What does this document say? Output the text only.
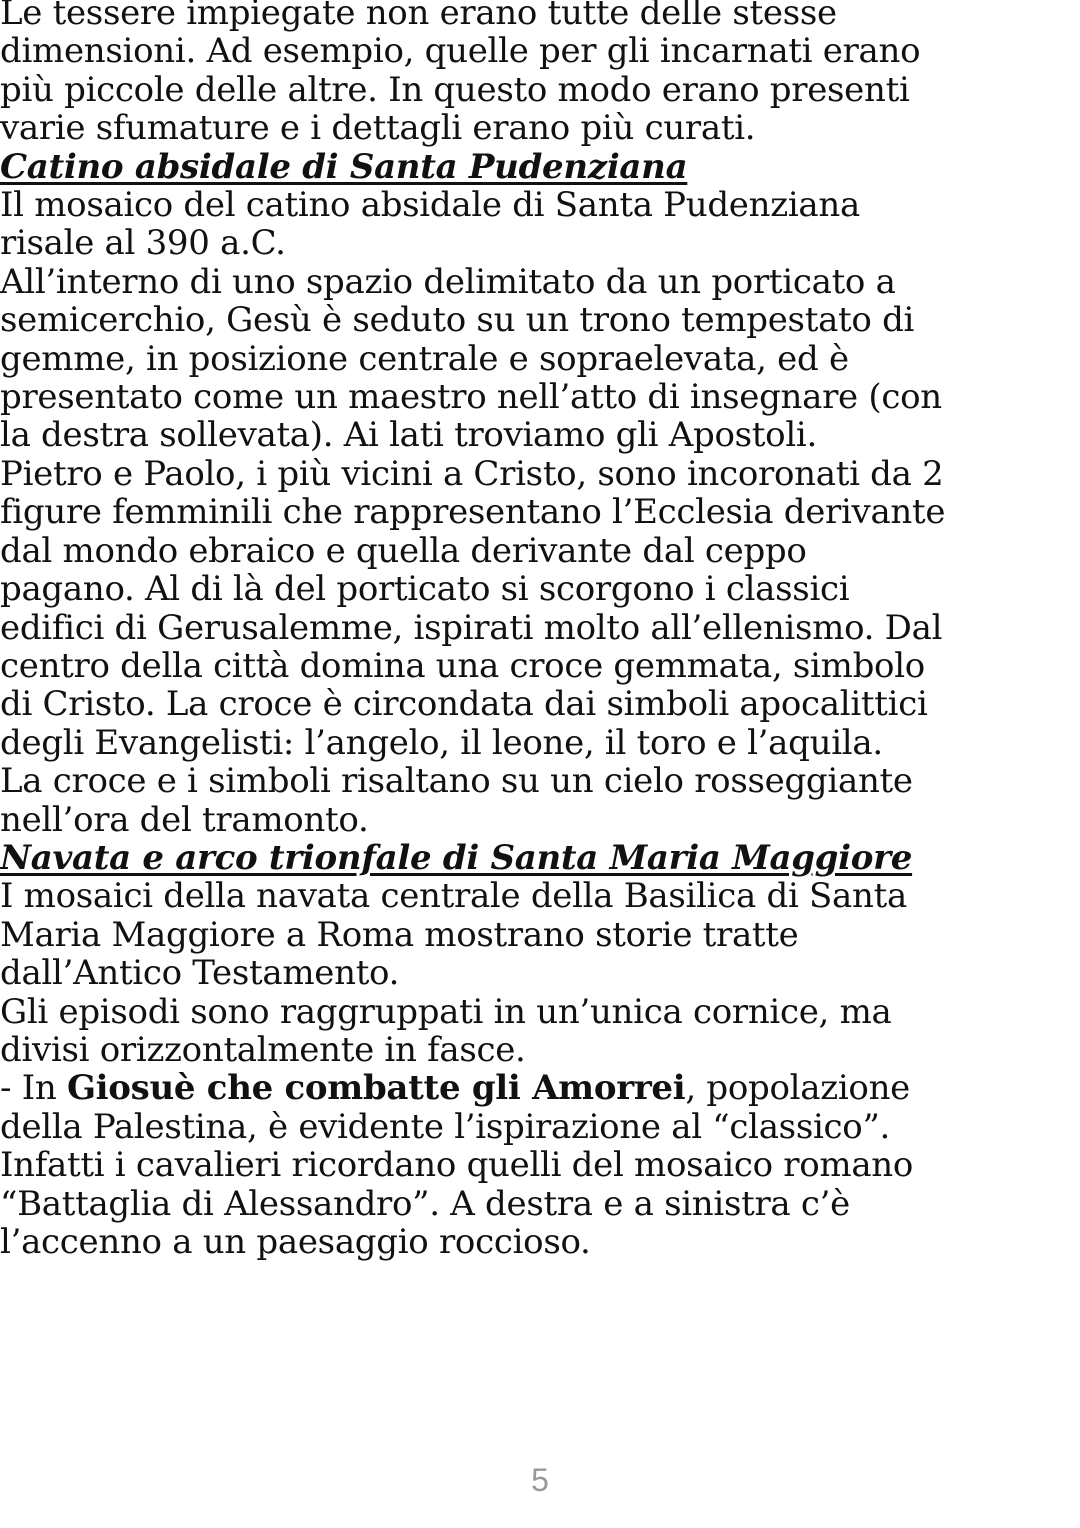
Le tessere impiegate non erano tutte delle stesse
dimensioni. Ad esempio, quelle per gli incarnati erano
più piccole delle altre. In questo modo erano presenti
varie sfumature e i dettagli erano più curati.
Catino absidale di Santa Pudenziana
Il mosaico del catino absidale di Santa Pudenziana
risale al 390 a.C.
All’interno di uno spazio delimitato da un porticato a
semicerchio, Gesù è seduto su un trono tempestato di
gemme, in posizione centrale e sopraelevata, ed è
presentato come un maestro nell’atto di insegnare (con
la destra sollevata). Ai lati troviamo gli Apostoli.
Pietro e Paolo, i più vicini a Cristo, sono incoronati da 2
figure femminili che rappresentano l’Ecclesia derivante
dal mondo ebraico e quella derivante dal ceppo
pagano. Al di là del porticato si scorgono i classici
edifici di Gerusalemme, ispirati molto all’ellenismo. Dal
centro della città domina una croce gemmata, simbolo
di Cristo. La croce è circondata dai simboli apocalittici
degli Evangelisti: l’angelo, il leone, il toro e l’aquila.
La croce e i simboli risaltano su un cielo rosseggiante
nell’ora del tramonto.
Navata e arco trionfale di Santa Maria Maggiore
I mosaici della navata centrale della Basilica di Santa
Maria Maggiore a Roma mostrano storie tratte
dall’Antico Testamento.
Gli episodi sono raggruppati in un’unica cornice, ma
divisi orizzontalmente in fasce.
- In Giosuè che combatte gli Amorrei, popolazione
della Palestina, è evidente l’ispirazione al “classico”.
Infatti i cavalieri ricordano quelli del mosaico romano
“Battaglia di Alessandro”. A destra e a sinistra c’è
l’accenno a un paesaggio roccioso.
5
